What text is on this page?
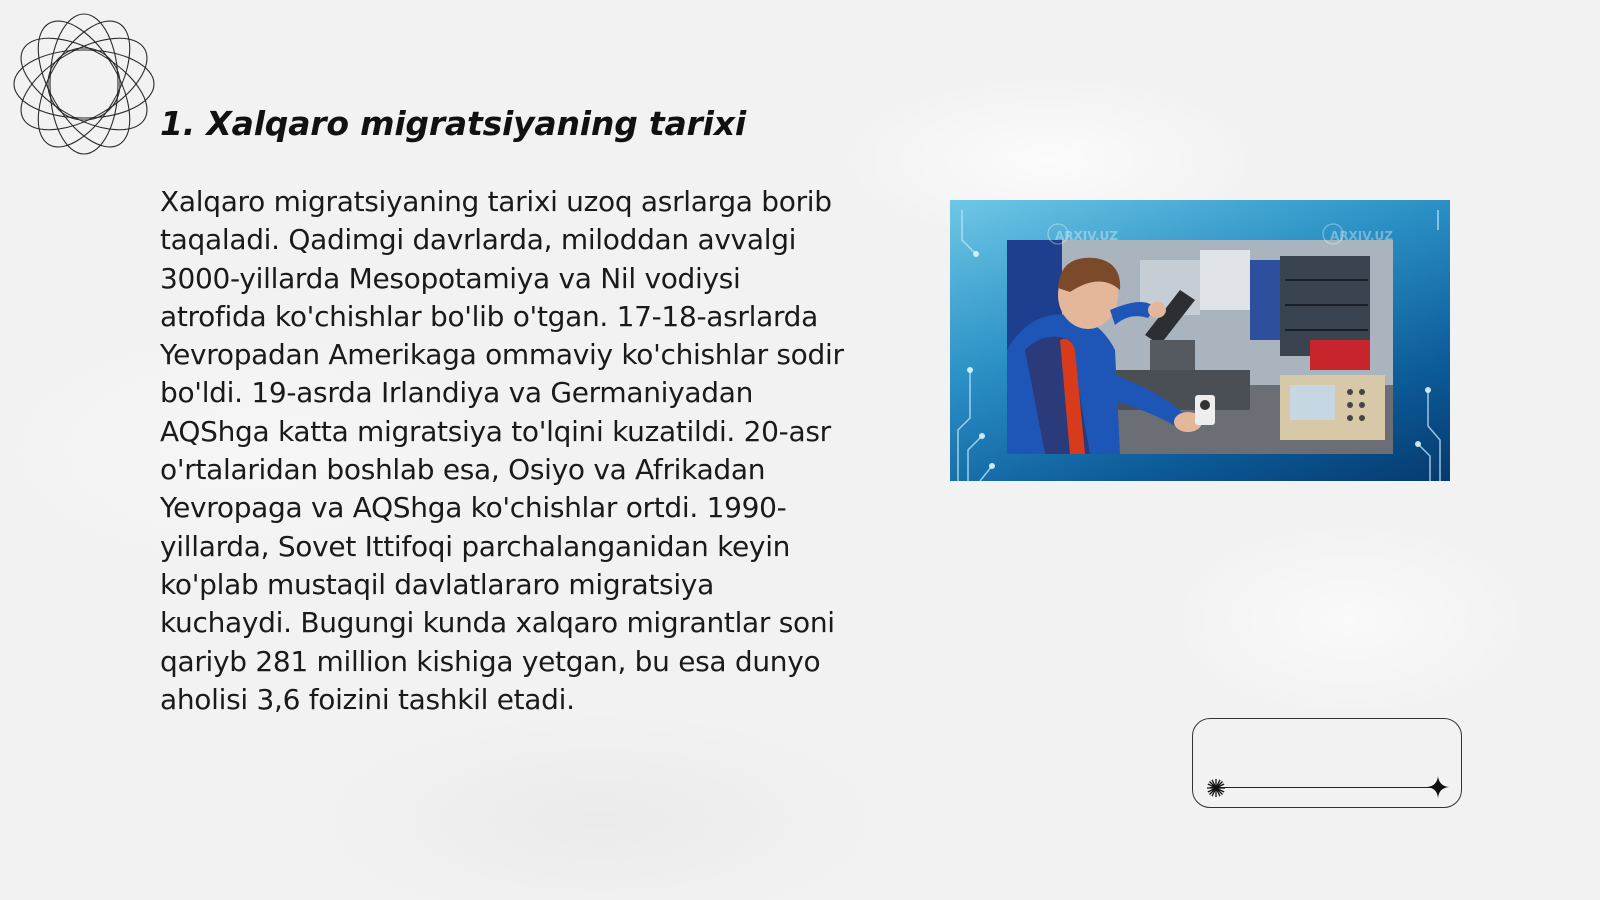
1. Xalqaro migratsiyaning tarixi

Xalqaro migratsiyaning tarixi uzoq asrlarga borib taqaladi. Qadimgi davrlarda, miloddan avvalgi 3000-yillarda Mesopotamiya va Nil vodiysi atrofida ko'chishlar bo'lib o'tgan. 17-18-asrlarda Yevropadan Amerikaga ommaviy ko'chishlar sodir bo'ldi. 19-asrda Irlandiya va Germaniyadan AQShga katta migratsiya to'lqini kuzatildi. 20-asr o'rtalaridan boshlab esa, Osiyo va Afrikadan Yevropaga va AQShga ko'chishlar ortdi. 1990-yillarda, Sovet Ittifoqi parchalanganidan keyin ko'plab mustaqil davlatlararo migratsiya kuchaydi. Bugungi kunda xalqaro migrantlar soni qariyb 281 million kishiga yetgan, bu esa dunyo aholisi 3,6 foizini tashkil etadi.

ARXIV.UZ	ARXIV.UZ
